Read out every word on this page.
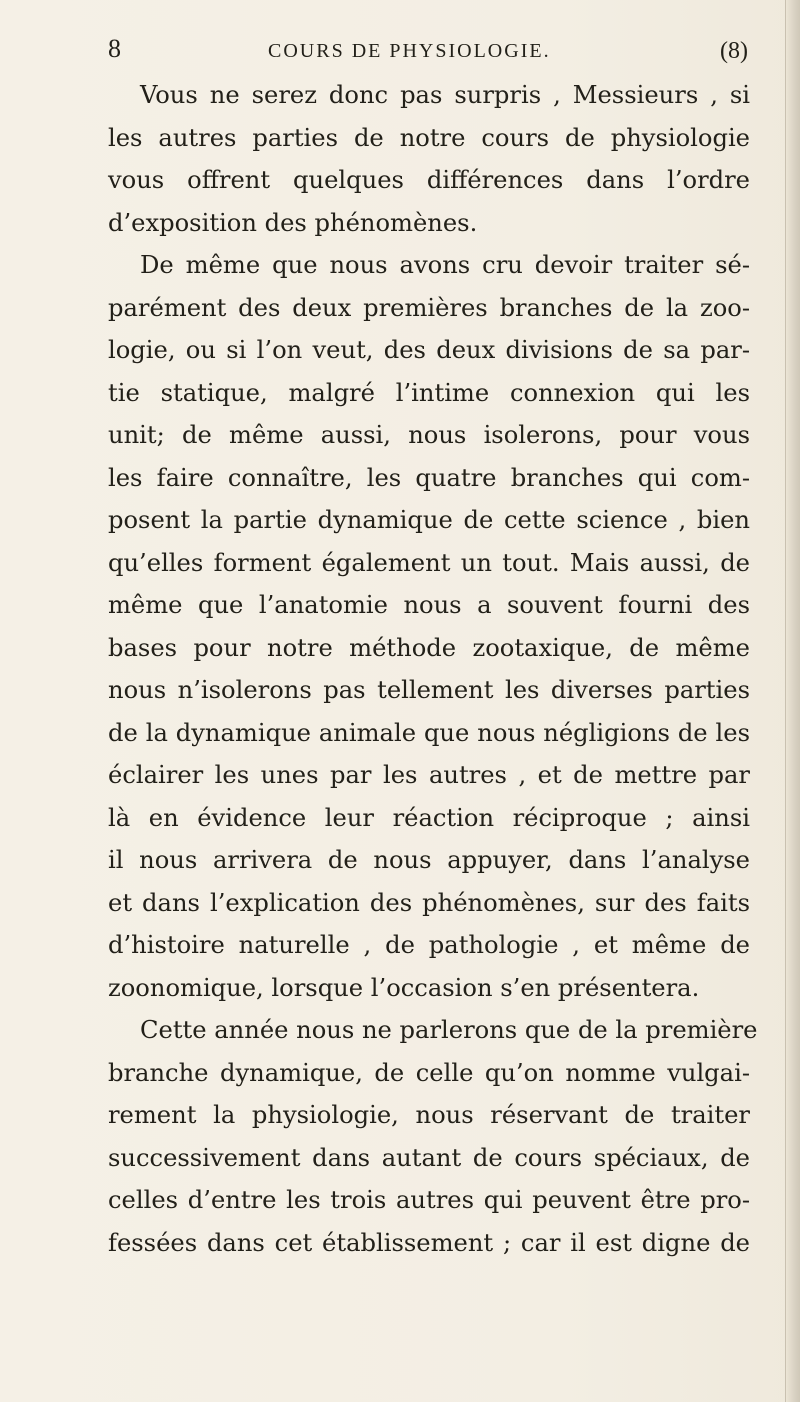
8	COURS DE PHYSIOLOGIE.	(8)
Vous ne serez donc pas surpris , Messieurs , si
les autres parties de notre cours de physiologie
vous offrent quelques différences dans l’ordre
d’exposition des phénomènes.
De même que nous avons cru devoir traiter sé-
parément des deux premières branches de la zoo-
logie, ou si l’on veut, des deux divisions de sa par-
tie statique, malgré l’intime connexion qui les
unit; de même aussi, nous isolerons, pour vous
les faire connaître, les quatre branches qui com-
posent la partie dynamique de cette science , bien
qu’elles forment également un tout. Mais aussi, de
même que l’anatomie nous a souvent fourni des
bases pour notre méthode zootaxique, de même
nous n’isolerons pas tellement les diverses parties
de la dynamique animale que nous négligions de les
éclairer les unes par les autres , et de mettre par
là en évidence leur réaction réciproque ; ainsi
il nous arrivera de nous appuyer, dans l’analyse
et dans l’explication des phénomènes, sur des faits
d’histoire naturelle , de pathologie , et même de
zoonomique, lorsque l’occasion s’en présentera.
Cette année nous ne parlerons que de la première
branche dynamique, de celle qu’on nomme vulgai-
rement la physiologie, nous réservant de traiter
successivement dans autant de cours spéciaux, de
celles d’entre les trois autres qui peuvent être pro-
fessées dans cet établissement ; car il est digne de
